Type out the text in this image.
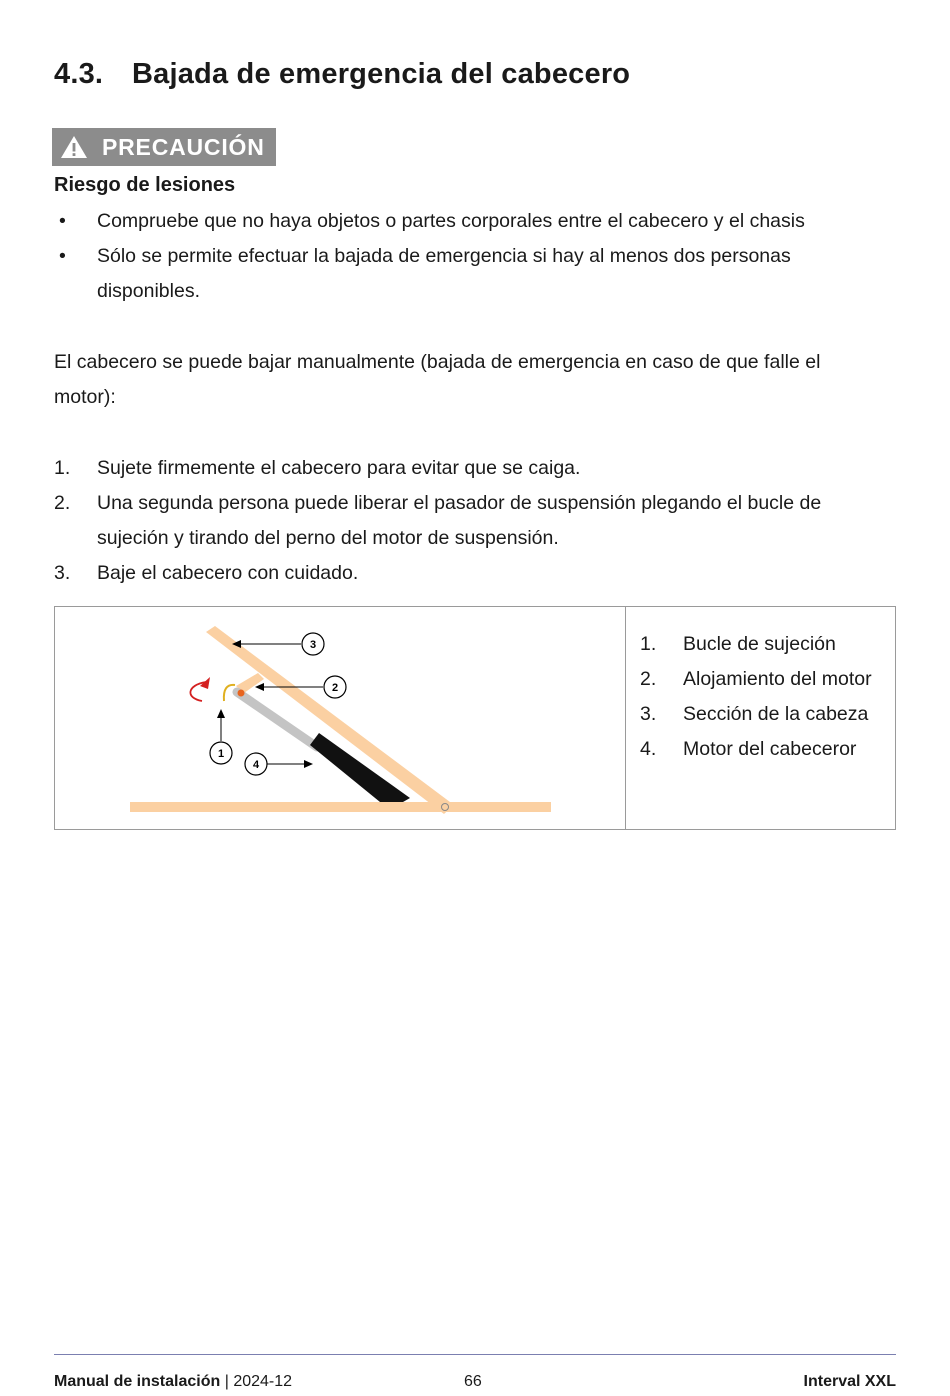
4.3. Bajada de emergencia del cabecero
PRECAUCIÓN
Riesgo de lesiones
• Compruebe que no haya objetos o partes corporales entre el cabecero y el chasis
• Sólo se permite efectuar la bajada de emergencia si hay al menos dos personas disponibles.

El cabecero se puede bajar manualmente (bajada de emergencia en caso de que falle el motor):

1. Sujete firmemente el cabecero para evitar que se caiga.
2. Una segunda persona puede liberar el pasador de suspensión plegando el bucle de sujeción y tirando del perno del motor de suspensión.
3. Baje el cabecero con cuidado.
3
2
1
4
1. Bucle de sujeción
2. Alojamiento del motor
3. Sección de la cabeza
4. Motor del cabeceror
Manual de instalación | 2024-12	66	Interval XXL
